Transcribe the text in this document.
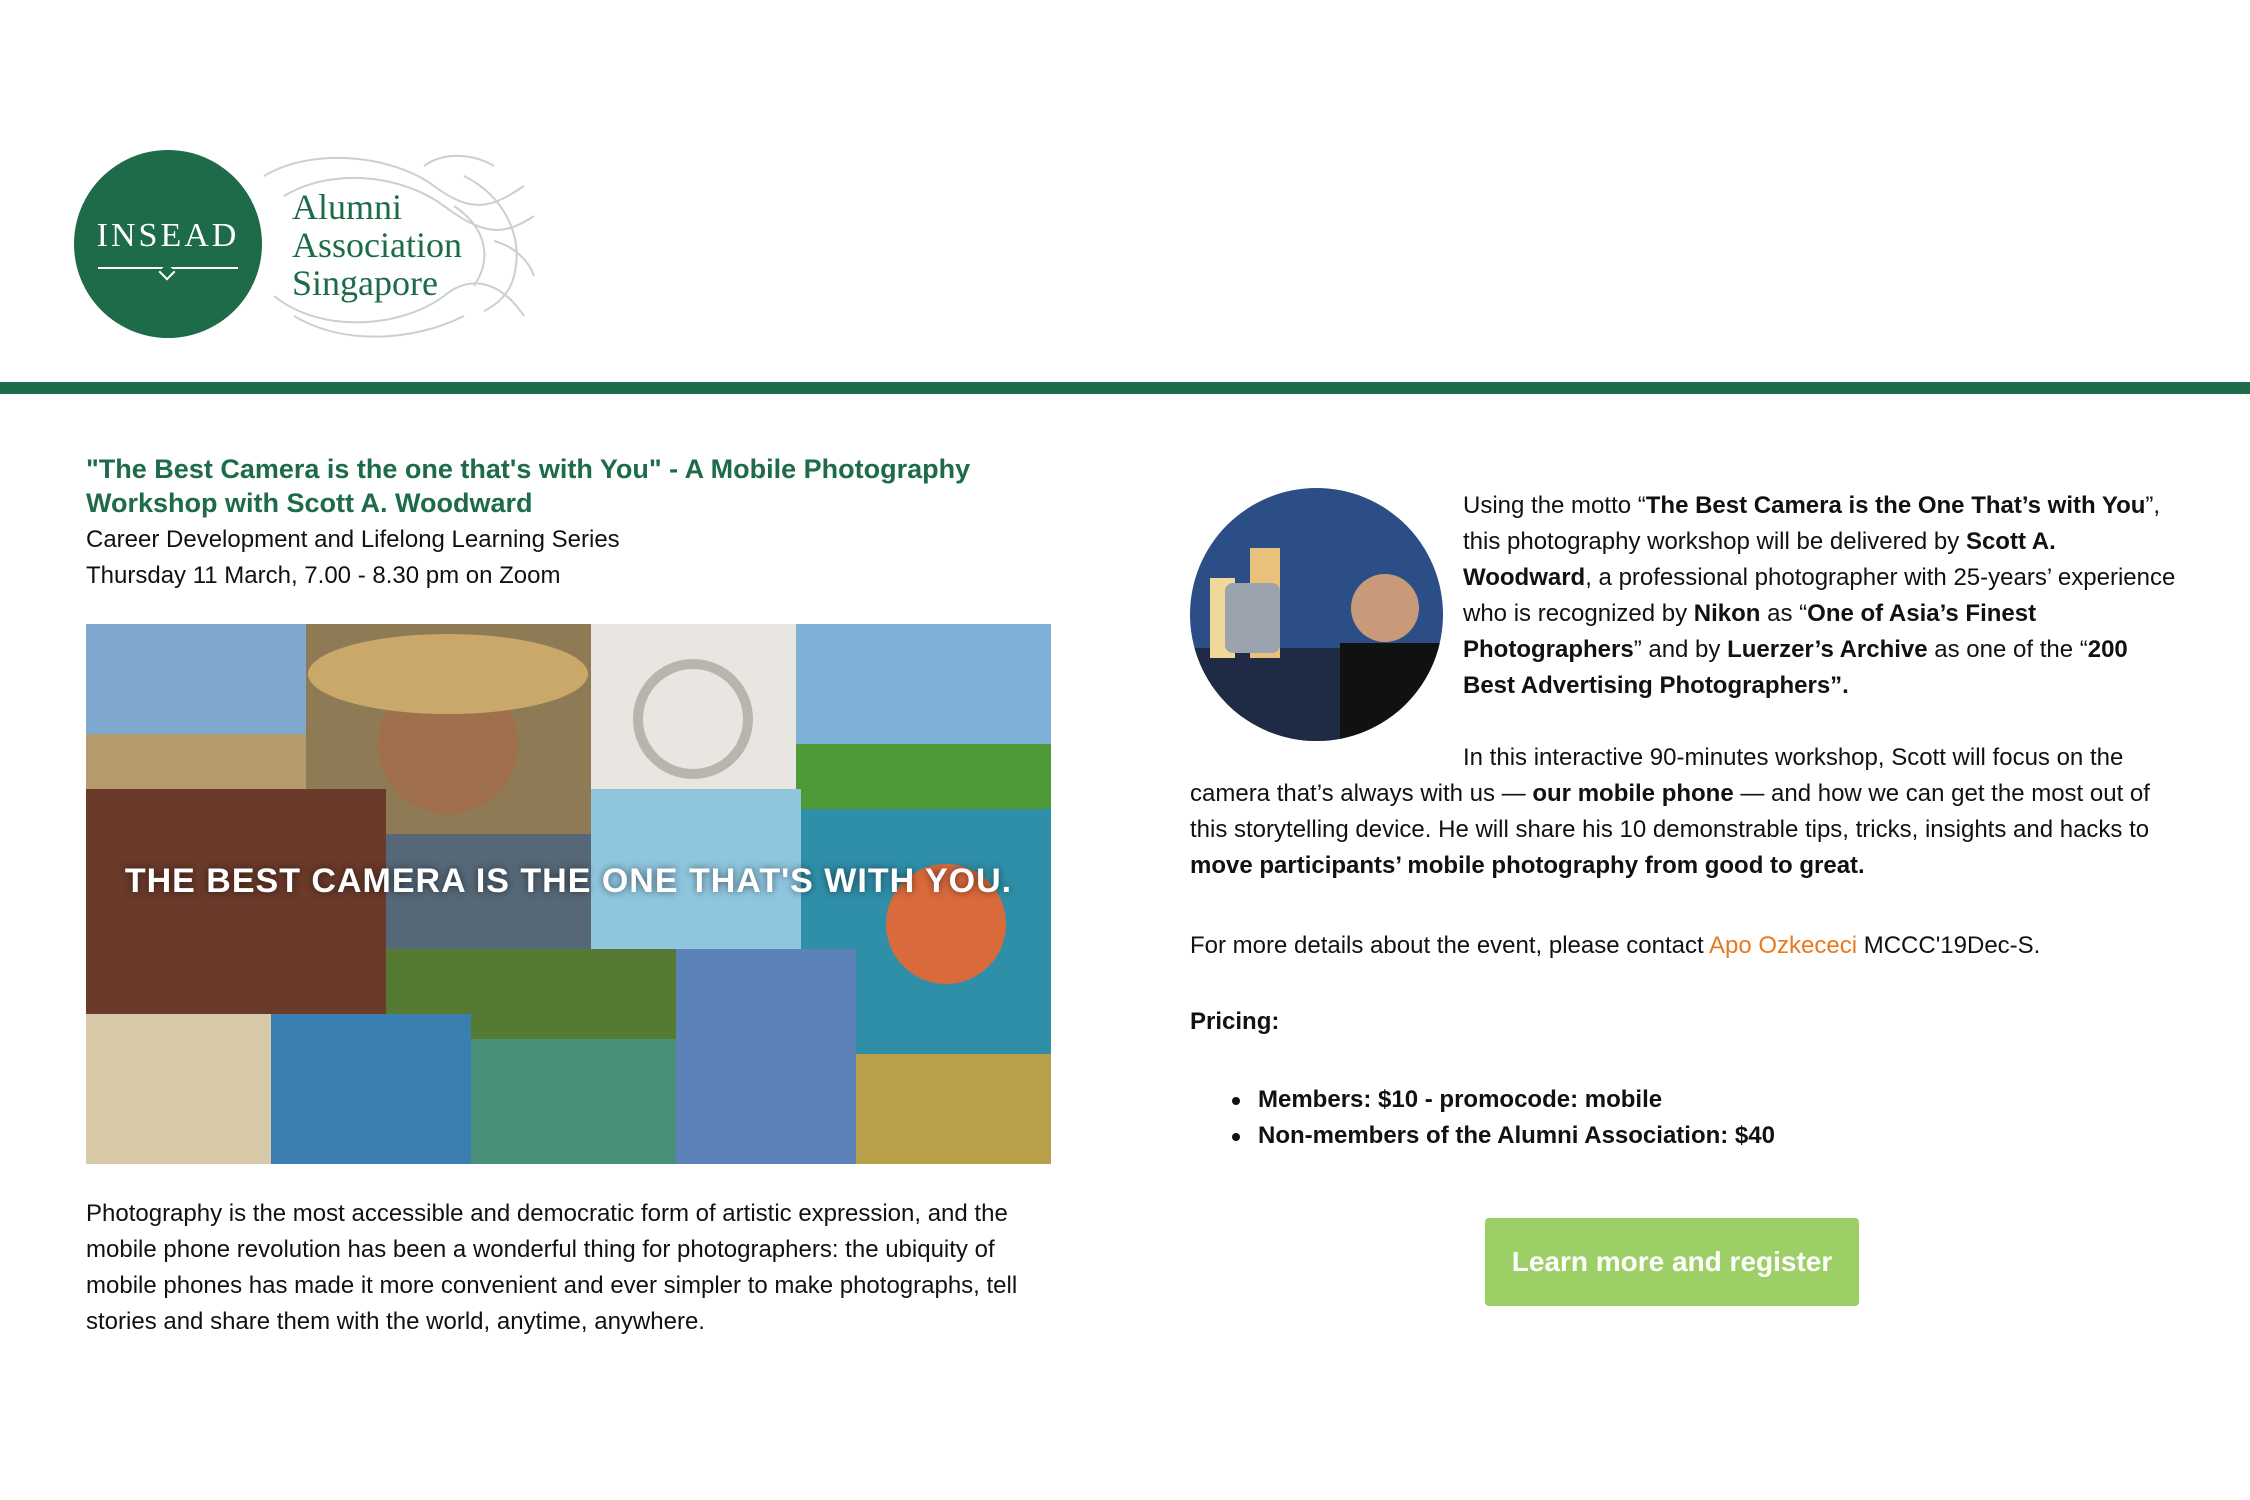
INSEAD
Alumni
Association
Singapore
"The Best Camera is the one that's with You" - A Mobile Photography Workshop with Scott A. Woodward
Career Development and Lifelong Learning Series
Thursday 11 March, 7.00 - 8.30 pm on Zoom
THE BEST CAMERA IS THE ONE THAT'S WITH YOU.
Photography is the most accessible and democratic form of artistic expression, and the mobile phone revolution has been a wonderful thing for photographers: the ubiquity of mobile phones has made it more convenient and ever simpler to make photographs, tell stories and share them with the world, anytime, anywhere.
Using the motto “The Best Camera is the One That’s with You”, this photography workshop will be delivered by Scott A. Woodward, a professional photographer with 25-years’ experience who is recognized by Nikon as “One of Asia’s Finest Photographers” and by Luerzer’s Archive as one of the “200 Best Advertising Photographers”.
In this interactive 90-minutes workshop, Scott will focus on the camera that’s always with us — our mobile phone — and how we can get the most out of this storytelling device. He will share his 10 demonstrable tips, tricks, insights and hacks to move participants’ mobile photography from good to great.
For more details about the event, please contact Apo Ozkececi MCCC'19Dec-S.
Pricing:
Members: $10 - promocode: mobile
Non-members of the Alumni Association: $40
Learn more and register
